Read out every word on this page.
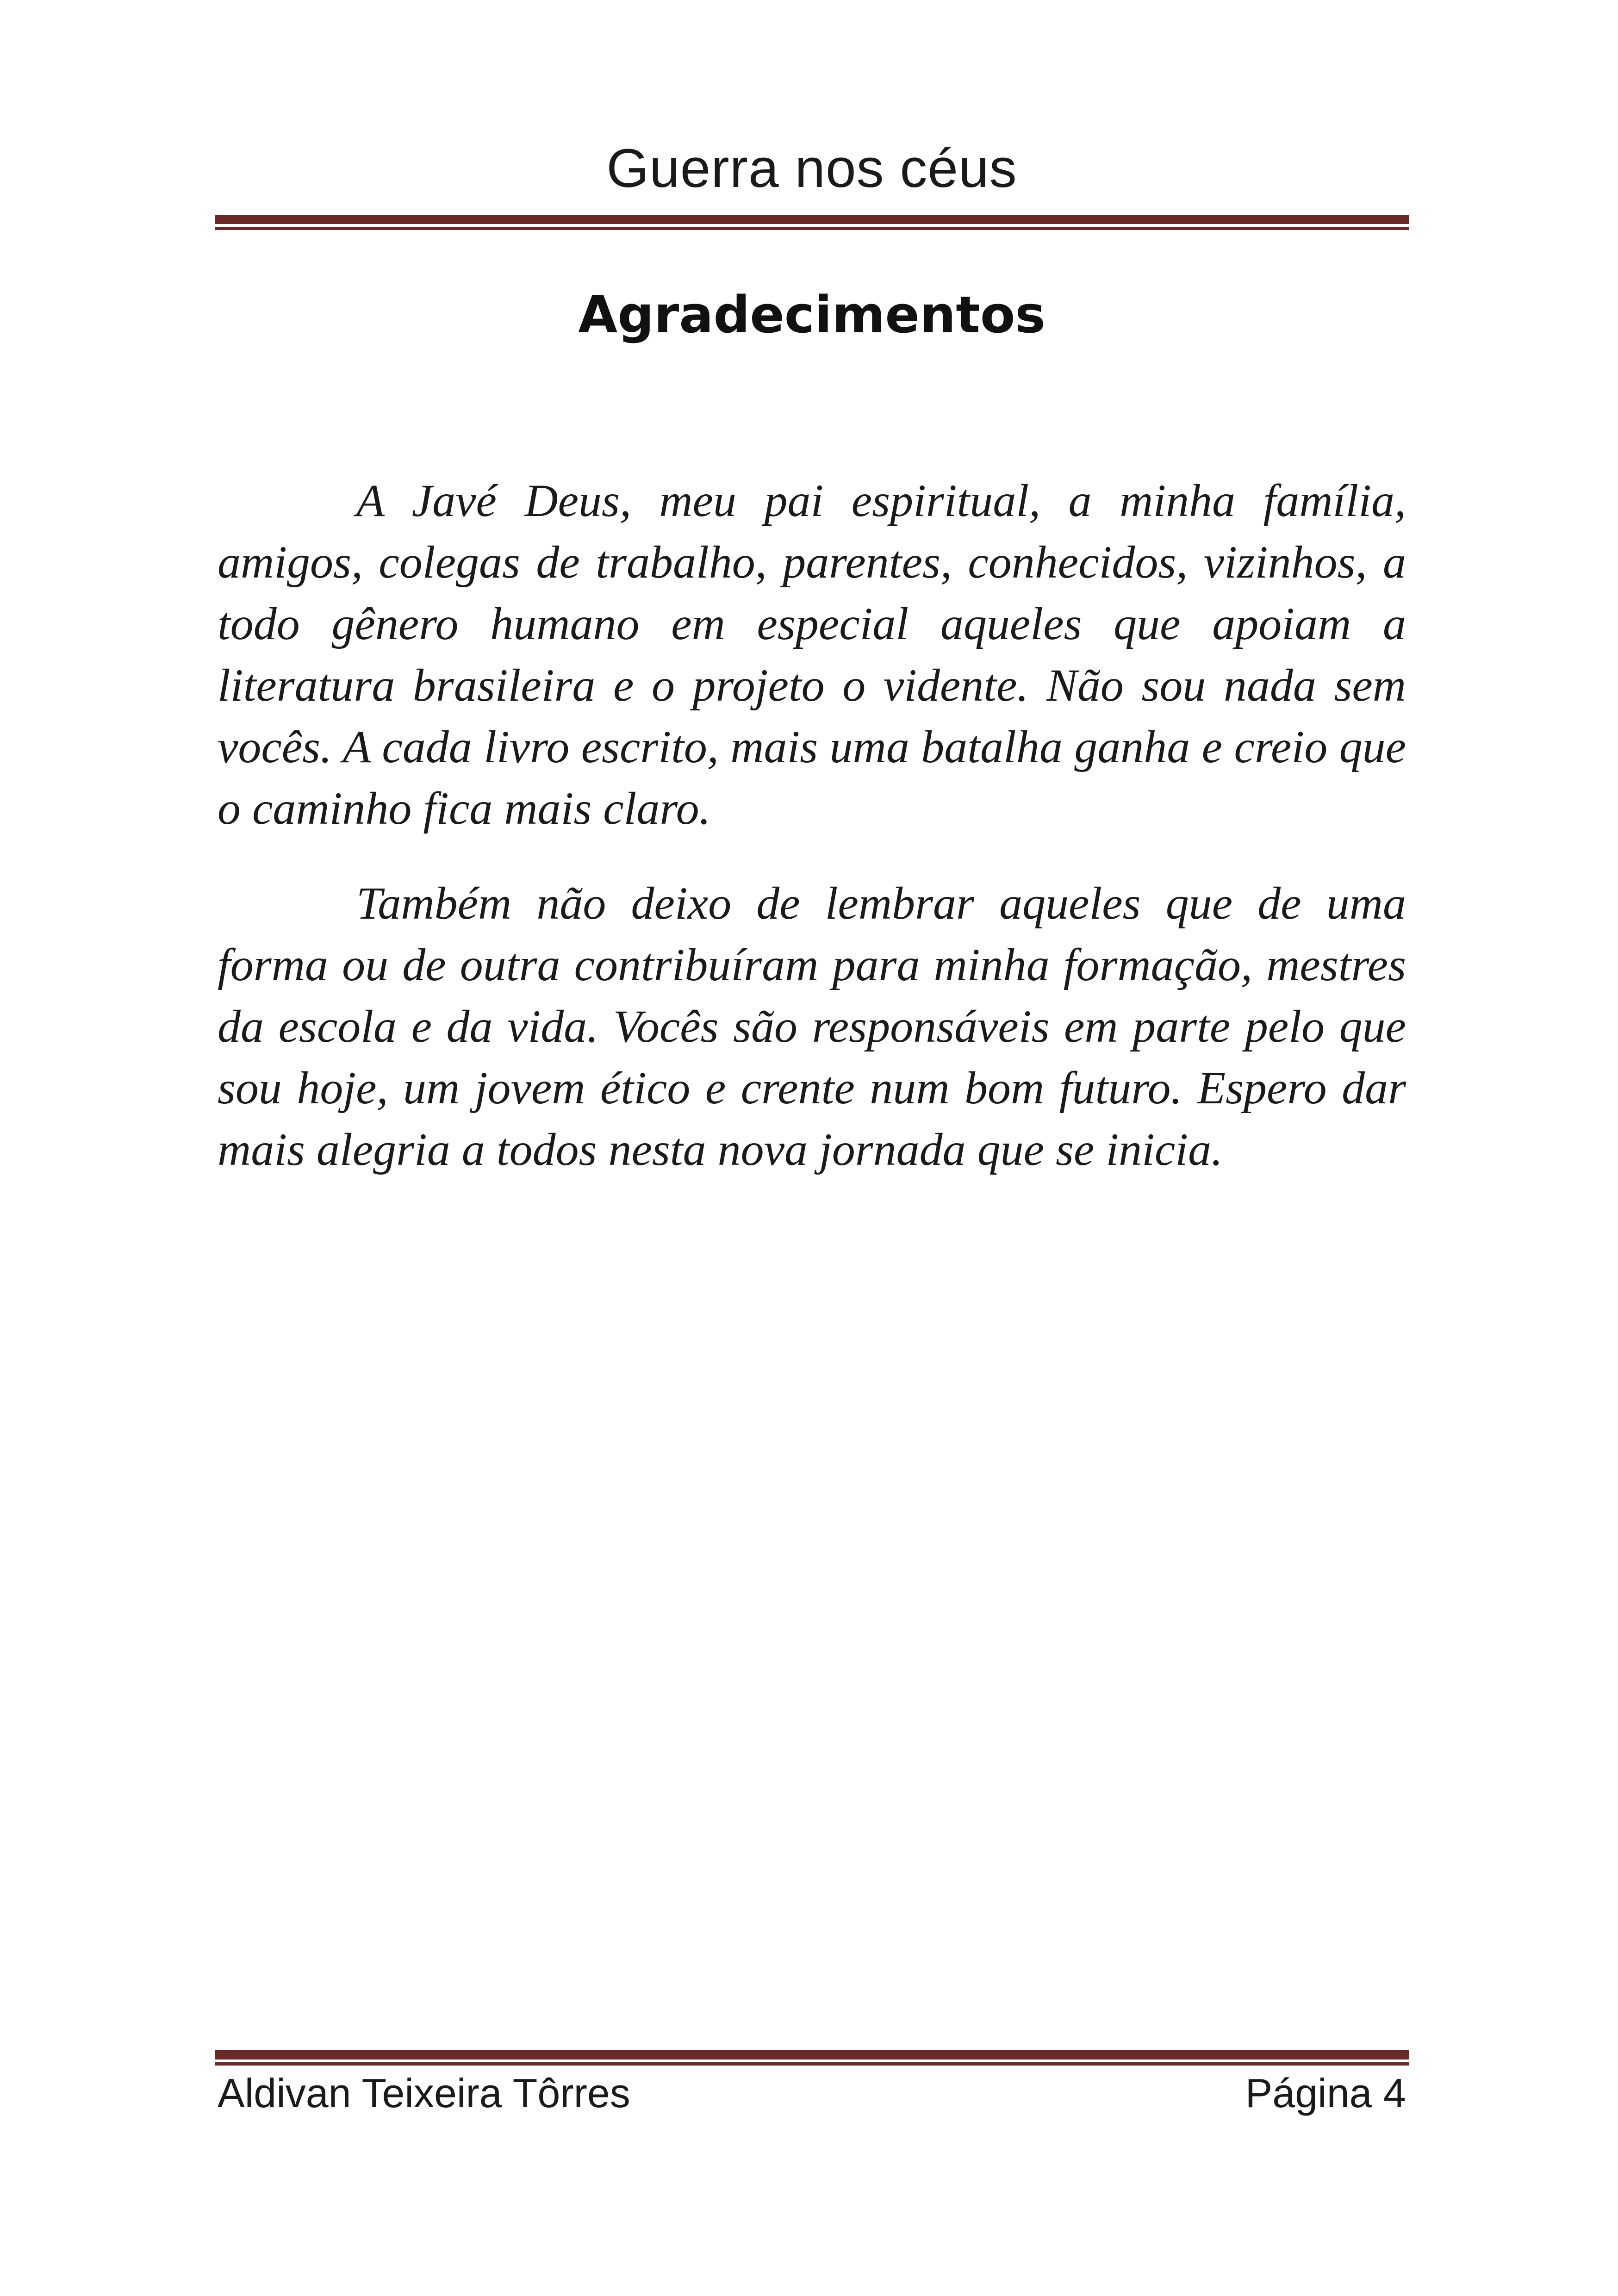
Guerra nos céus
Agradecimentos

A Javé Deus, meu pai espiritual, a minha família, amigos, colegas de trabalho, parentes, conhecidos, vizinhos, a todo gênero humano em especial aqueles que apoiam a literatura brasileira e o projeto o vidente. Não sou nada sem vocês. A cada livro escrito, mais uma batalha ganha e creio que o caminho fica mais claro.

Também não deixo de lembrar aqueles que de uma forma ou de outra contribuíram para minha formação, mestres da escola e da vida. Vocês são responsáveis em parte pelo que sou hoje, um jovem ético e crente num bom futuro. Espero dar mais alegria a todos nesta nova jornada que se inicia.

Aldivan Teixeira Tôrres	Página 4
